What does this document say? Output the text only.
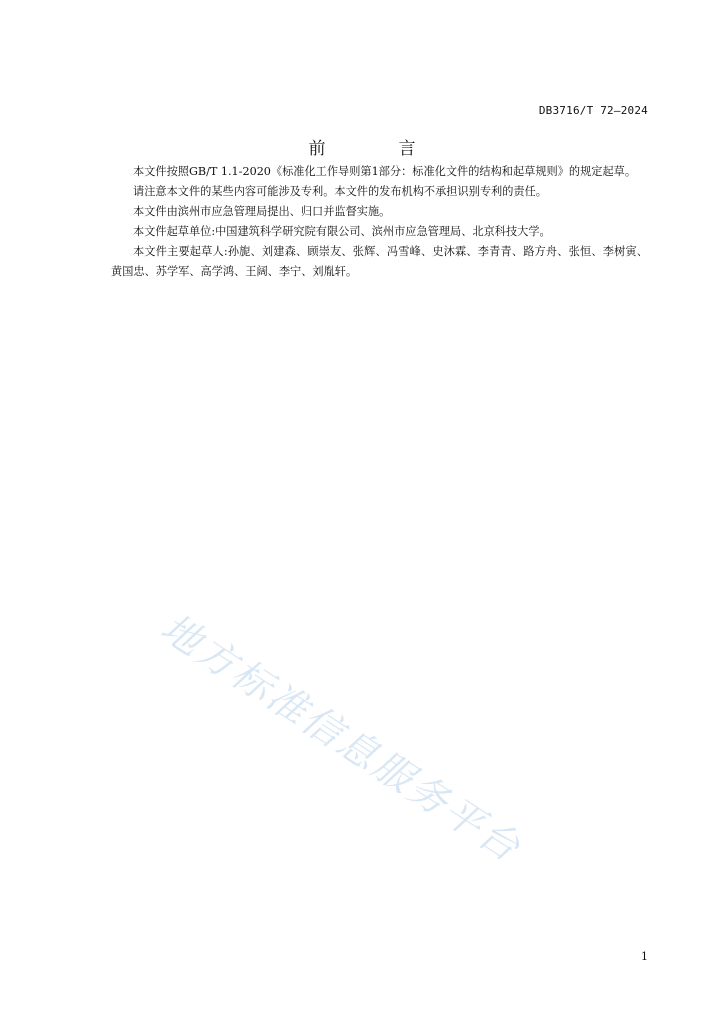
DB3716/T 72—2024
前　言

本文件按照GB/T 1.1-2020《标准化工作导则第1部分：标准化文件的结构和起草规则》的规定起草。

请注意本文件的某些内容可能涉及专利。本文件的发布机构不承担识别专利的责任。

本文件由滨州市应急管理局提出、归口并监督实施。

本文件起草单位:中国建筑科学研究院有限公司、滨州市应急管理局、北京科技大学。

本文件主要起草人:孙旎、刘建森、顾崇友、张辉、冯雪峰、史沐霖、李青青、路方舟、张恒、李树寅、黄国忠、苏学军、高学鸿、王阔、李宁、刘胤轩。

地方标准信息服务平台
1
